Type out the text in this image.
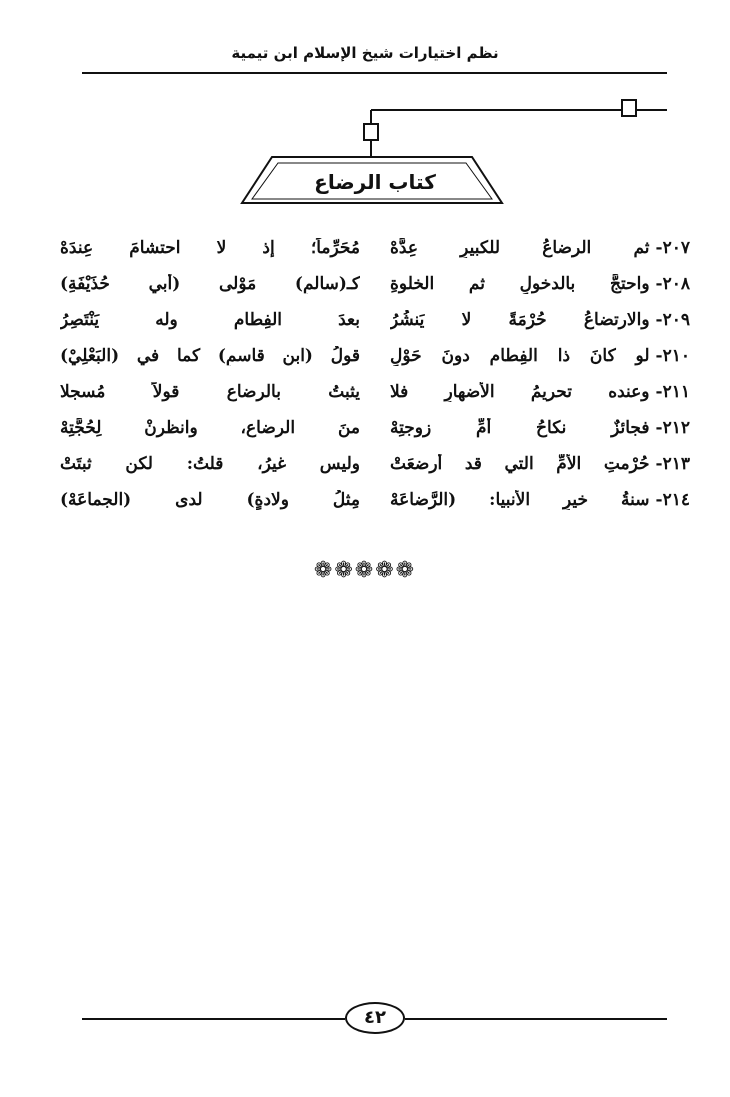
نظم اختيارات شيخ الإسلام ابن تيمية
كتاب الرضاع
٢٠٧-ثم الرضاعُ للكبيرِ عِدَّهْ
مُحَرِّماً؛ إذ لا احتشامَ عِندَهْ
٢٠٨-واحتجَّ بالدخولِ ثم الخلوةِ
كـ(سالمٍ) مَوْلى (أبي حُذَيْفَةِ)
٢٠٩-والارتضاعُ حُرْمَةً لا يَنشُرُ
بعدَ الفِطامِ وله يَنْتَصِرُ
٢١٠-لو كانَ ذا الفِطامِ دونَ حَوْلِ
قولُ (ابنِ قاسمٍ) كما في (البَعْلِيْ)
٢١١-وعنده تحريمُ الأضهارِ فلا
يثبتُ بالرضاعِ قولاً مُسجلا
٢١٢-فجائزٌ نكاحُ أمِّ زوجتِهْ
منَ الرضاعِ، وانظرنْ لِحُجَّتِهْ
٢١٣-حُرْمتِ الأمِّ التي قد أرضعَتْ
وليس غيرُ، قلتُ: لكن ثبتَتْ
٢١٤-سنةُ خيرِ الأنبيا: (الرَّضاعَهْ
مِثلُ ولادةٍ) لدى (الجماعَهْ)
❁❁❁❁❁
٤٢
